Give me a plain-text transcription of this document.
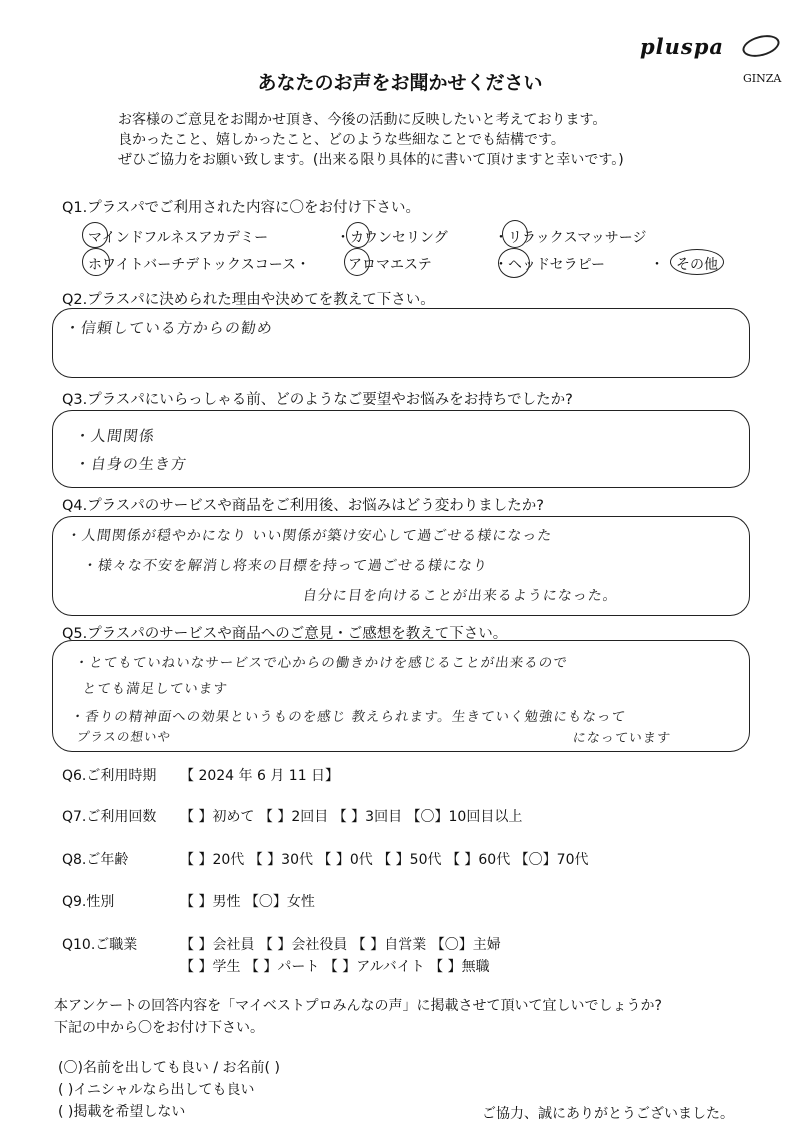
pluspa
GINZA
あなたのお声をお聞かせください
お客様のご意見をお聞かせ頂き、今後の活動に反映したいと考えております。
良かったこと、嬉しかったこと、どのような些細なことでも結構です。
ぜひご協力をお願い致します。(出来る限り具体的に書いて頂けますと幸いです。)
Q1.プラスパでご利用された内容に〇をお付け下さい。
マインドフルネスアカデミー	・カウンセリング	・リラックスマッサージ
ホワイトバーチデトックスコース・	アロマエステ	・ヘッドセラピー	・ その他
Q2.プラスパに決められた理由や決めてを教えて下さい。
・信頼している方からの勧め
Q3.プラスパにいらっしゃる前、どのようなご要望やお悩みをお持ちでしたか?
・人間関係
・自身の生き方
Q4.プラスパのサービスや商品をご利用後、お悩みはどう変わりましたか?
・人間関係が穏やかになり いい関係が築け安心して過ごせる様になった
・様々な不安を解消し将来の目標を持って過ごせる様になり
自分に目を向けることが出来るようになった。
Q5.プラスパのサービスや商品へのご意見・ご感想を教えて下さい。
・とてもていねいなサービスで心からの働きかけを感じることが出来るので
とても満足しています
・香りの精神面への効果というものを感じ 教えられます。生きていく勉強にもなって
プラスの想いや	になっています
Q6.ご利用時期 【 2024 年 6 月 11 日】
Q7.ご利用回数 【 】初めて 【 】2回目 【 】3回目 【〇】10回目以上
Q8.ご年齢	【 】20代 【 】30代 【 】0代 【 】50代 【 】60代 【〇】70代
Q9.性別	【 】男性 【〇】女性
Q10.ご職業	【 】会社員 【 】会社役員 【 】自営業 【〇】主婦
【 】学生 【 】パート 【 】アルバイト 【 】無職
本アンケートの回答内容を「マイベストプロみんなの声」に掲載させて頂いて宜しいでしょうか?
下記の中から〇をお付け下さい。
(〇)名前を出しても良い / お名前( )
( )イニシャルなら出しても良い
( )掲載を希望しない	ご協力、誠にありがとうございました。
